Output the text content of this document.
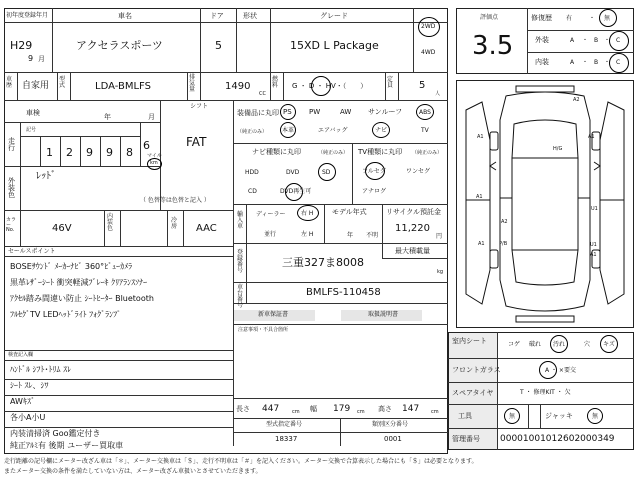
初年度登録年月
H29
9 月
車名
アクセラスポーツ
ドア
5
形状	グレード
15XD L Package
2WD
4WD
車歴 自家用
型式	LDA-BMLFS
排気量	1490
CC
燃料 G ・ D ・ HV・（　　）
定員	5
人
車検	年	月
記号
走行	1 2 9 9 8
6
マイル
km
シフト
FAT
外装色
ﾚｯﾄﾞ
（ 色替等は色替と記入 ）
カラーNo.	46V
内装色
冷房 AAC
セールスポイント
BOSEｻｳﾝﾄﾞ ﾒｰｶｰﾅﾋﾞ 360°ﾋﾞｭｰｶﾒﾗ
黒革ﾚｻﾞｰｼｰﾄ 衝突軽減ﾌﾞﾚｰｷ ｸﾘｱﾗﾝｽｿﾅｰ
ｱｸｾﾙ踏み間違い防止 ｼｰﾄﾋｰﾀｰ Bluetooth
ﾌﾙｾｸﾞTV LEDﾍｯﾄﾞﾗｲﾄ ﾌｫｸﾞﾗﾝﾌﾟ
検査記入欄
ﾊﾝﾄﾞﾙ ｼﾌﾄ･ﾄﾘﾑ ｽﾚ
ｼｰﾄ ｽﾚ、ｼﾜ
AWｷｽﾞ
各小A小U
内装清掃済 Goo鑑定付き
純正ｱﾙﾐ有 後期 ユーザー買取車
装備品に丸印
（純正のみ）
PS PW	AW サンルーフ	ABS
本革	エアバッグ	ナビ	TV
ナビ種類に丸印	（純正のみ）
HDD	DVD	SD
CD	DVD再生可
TV種類に丸印 （純正のみ）
フルセグ	ワンセグ
アナログ
輸入車
ディーラー	右 H
並行	左 H
モデル年式
年 不明
リサイクル預託金
11,220
円
登録番号
三重327ま8008
最大積載量
kg
車台番号
BMLFS-110458
新車保証書	取扱説明書
注意事項・不具合箇所
長さ 447	cm 幅 179 cm 高さ 147 cm
型式指定番号
18337
類別区分番号
0001
評価点
3.5
修復歴 有	・ 無
外装	A ・ B ・ C
内装	A ・ B ・ C
A2
A1	A1
H/G
A1
U1
A2
P/B
A1	U1
A1
室内シート	コゲ 破れ 汚れ	穴 キズ
フロントガラス	A ・ ×要交
スペアタイヤ	T ・ 修理KIT ・ 欠
工具	無	ジャッキ	無
管理番号 000010010126020003​49
走行距離の記号欄にメーター改ざん車は「＊」、メーター交換車は「＄」、走行不明車は「＃」を記入ください。メーター交換で合算表示した場合にも「＄」は必要となります。
またメーター交換の条件を満たしていない方は、メーター改ざん車扱いとさせていただきます。
